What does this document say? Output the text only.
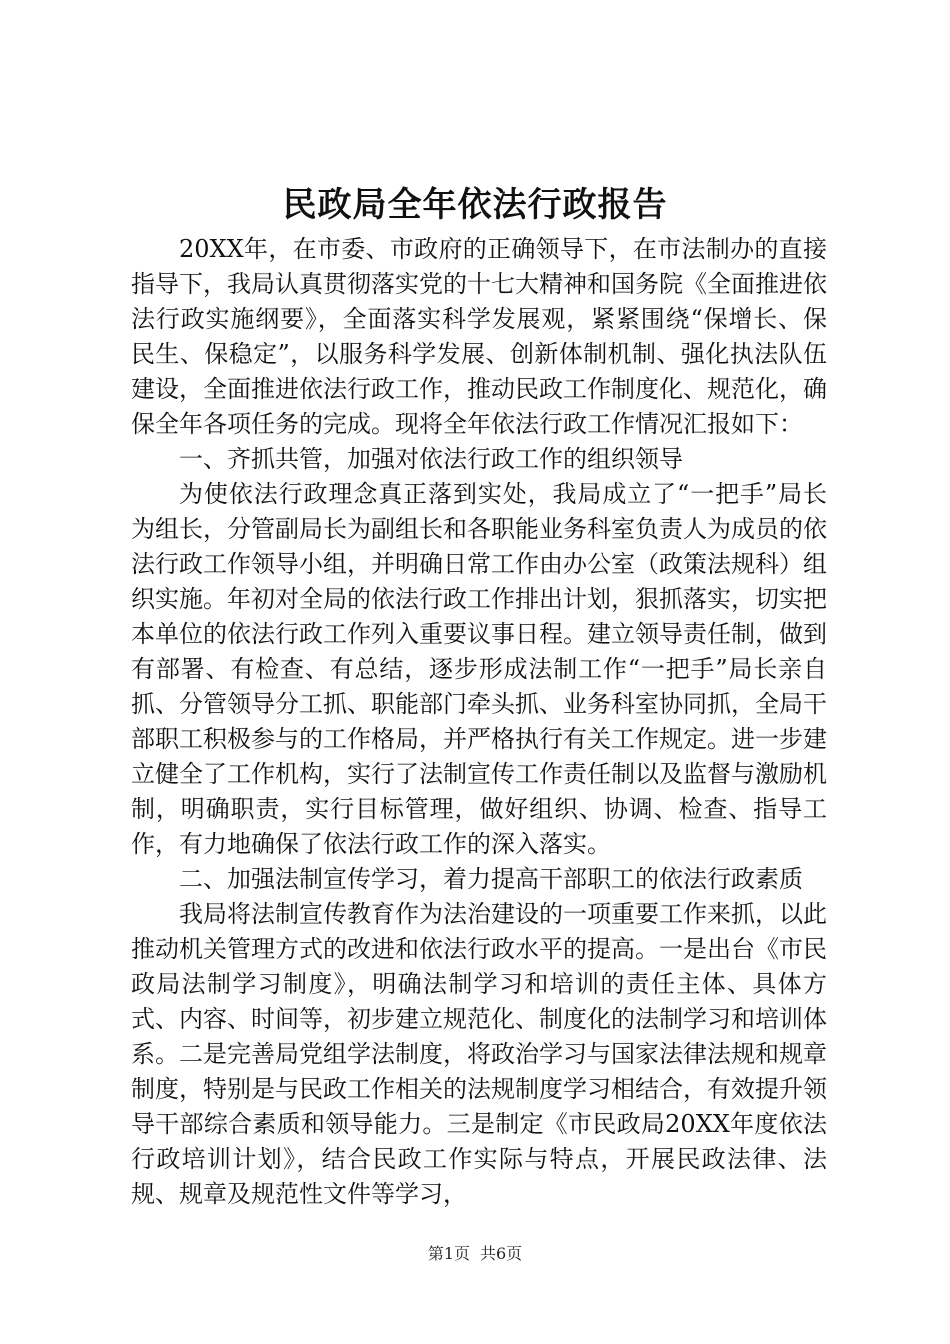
民政局全年依法行政报告

20XX年，在市委、市政府的正确领导下，在市法制办的直接指导下，我局认真贯彻落实党的十七大精神和国务院《全面推进依法行政实施纲要》，全面落实科学发展观，紧紧围绕“保增长、保民生、保稳定”，以服务科学发展、创新体制机制、强化执法队伍建设，全面推进依法行政工作，推动民政工作制度化、规范化，确保全年各项任务的完成。现将全年依法行政工作情况汇报如下：

一、齐抓共管，加强对依法行政工作的组织领导

为使依法行政理念真正落到实处，我局成立了“一把手”局长为组长，分管副局长为副组长和各职能业务科室负责人为成员的依法行政工作领导小组，并明确日常工作由办公室（政策法规科）组织实施。年初对全局的依法行政工作排出计划，狠抓落实，切实把本单位的依法行政工作列入重要议事日程。建立领导责任制，做到有部署、有检查、有总结，逐步形成法制工作“一把手”局长亲自抓、分管领导分工抓、职能部门牵头抓、业务科室协同抓，全局干部职工积极参与的工作格局，并严格执行有关工作规定。进一步建立健全了工作机构，实行了法制宣传工作责任制以及监督与激励机制，明确职责，实行目标管理，做好组织、协调、检查、指导工作，有力地确保了依法行政工作的深入落实。

二、加强法制宣传学习，着力提高干部职工的依法行政素质

我局将法制宣传教育作为法治建设的一项重要工作来抓，以此推动机关管理方式的改进和依法行政水平的提高。一是出台《市民政局法制学习制度》，明确法制学习和培训的责任主体、具体方式、内容、时间等，初步建立规范化、制度化的法制学习和培训体系。二是完善局党组学法制度，将政治学习与国家法律法规和规章制度，特别是与民政工作相关的法规制度学习相结合，有效提升领导干部综合素质和领导能力。三是制定《市民政局20XX年度依法行政培训计划》，结合民政工作实际与特点，开展民政法律、法规、规章及规范性文件等学习，

第1页 共6页
